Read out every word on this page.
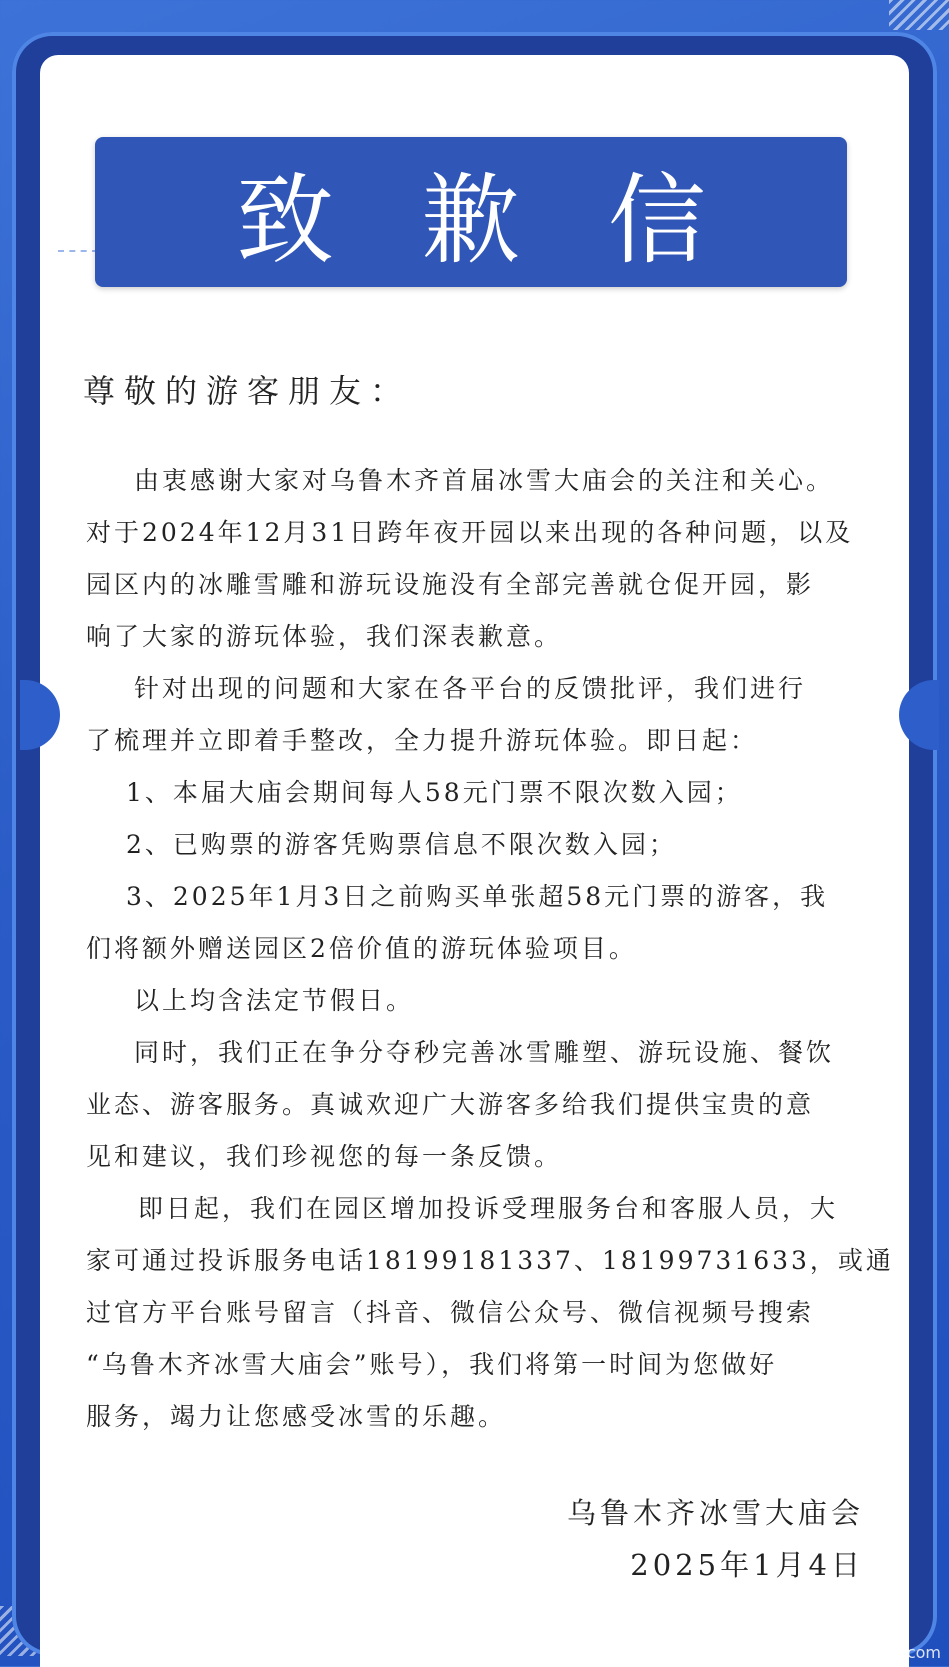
致歉信
尊敬的游客朋友：
由衷感谢大家对乌鲁木齐首届冰雪大庙会的关注和关心。
对于2024年12月31日跨年夜开园以来出现的各种问题，以及
园区内的冰雕雪雕和游玩设施没有全部完善就仓促开园，影
响了大家的游玩体验，我们深表歉意。
针对出现的问题和大家在各平台的反馈批评，我们进行
了梳理并立即着手整改，全力提升游玩体验。即日起：
1、本届大庙会期间每人58元门票不限次数入园；
2、已购票的游客凭购票信息不限次数入园；
3、2025年1月3日之前购买单张超58元门票的游客，我
们将额外赠送园区2倍价值的游玩体验项目。
以上均含法定节假日。
同时，我们正在争分夺秒完善冰雪雕塑、游玩设施、餐饮
业态、游客服务。真诚欢迎广大游客多给我们提供宝贵的意
见和建议，我们珍视您的每一条反馈。
即日起，我们在园区增加投诉受理服务台和客服人员，大
家可通过投诉服务电话18199181337、18199731633，或通
过官方平台账号留言（抖音、微信公众号、微信视频号搜索
“乌鲁木齐冰雪大庙会”账号），我们将第一时间为您做好
服务，竭力让您感受冰雪的乐趣。
乌鲁木齐冰雪大庙会
2025年1月4日
www.365jz.com
